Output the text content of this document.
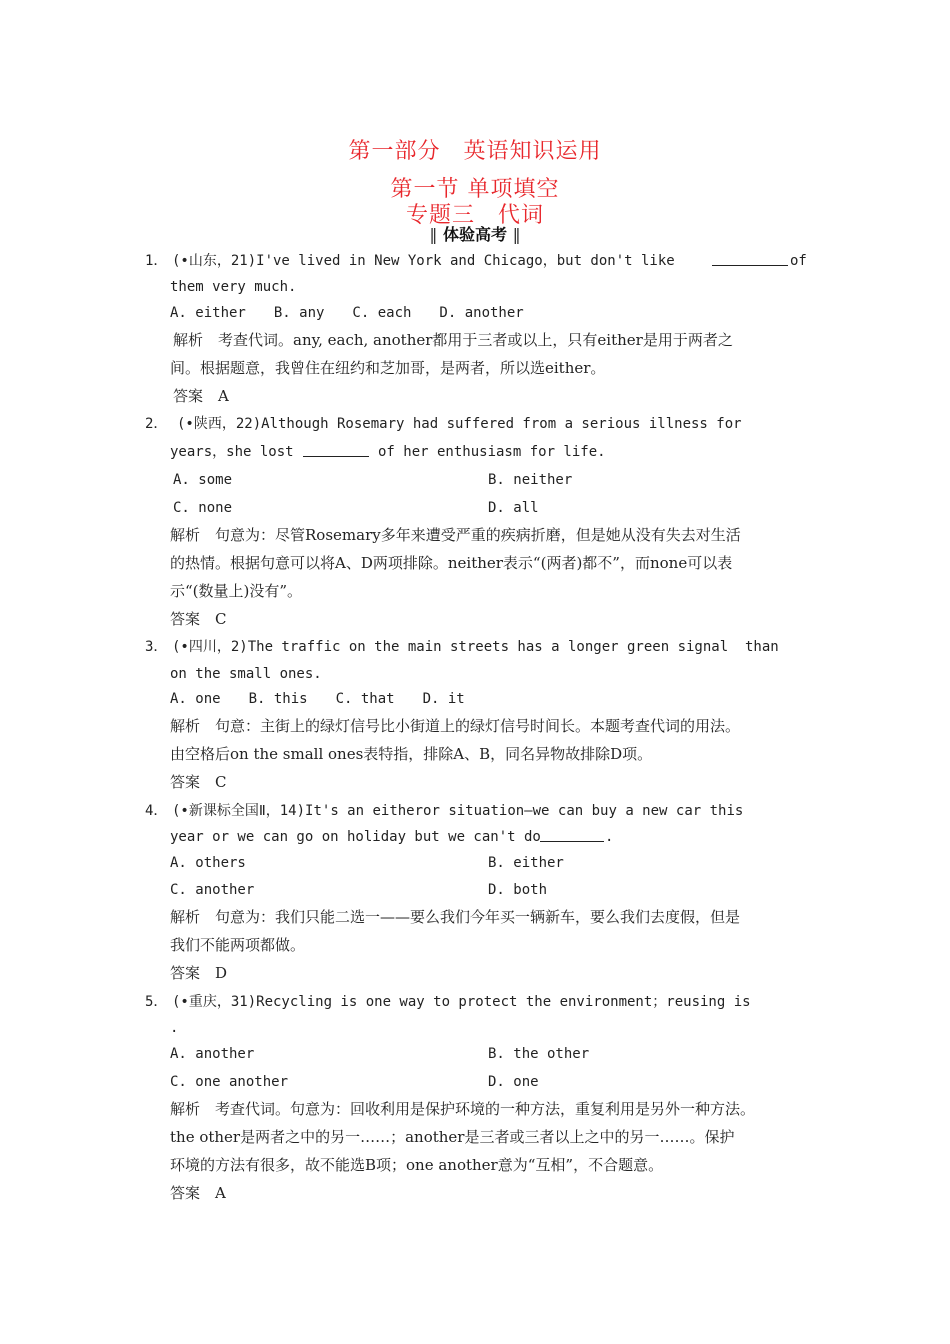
第一部分　英语知识运用
第一节 单项填空
专题三　代词
‖ 体验高考 ‖
1． (•山东，21)I've lived in New York and Chicago，but don't like	of
them very much.
A. either　　B. any　　C. each　　D. another
解析　考查代词。any, each, another都用于三者或以上，只有either是用于两者之
间。根据题意，我曾住在纽约和芝加哥，是两者，所以选either。
答案　A
2． (•陕西，22)Although Rosemary had suffered from a serious illness for
years，she lost	of her enthusiasm for life.
A. some	B. neither
C. none	D. all
解析　句意为：尽管Rosemary多年来遭受严重的疾病折磨，但是她从没有失去对生活
的热情。根据句意可以将A、D两项排除。neither表示“(两者)都不”，而none可以表
示“(数量上)没有”。
答案　C
3． (•四川，2)The traffic on the main streets has a longer green signal  than
on the small ones.
A. one　　B. this　　C. that　　D. it
解析　句意：主街上的绿灯信号比小街道上的绿灯信号时间长。本题考查代词的用法。
由空格后on the small ones表特指，排除A、B，同名异物故排除D项。
答案　C
4． (•新课标全国Ⅱ，14)It's an eitheror situation—we can buy a new car this
year or we can go on holiday but we can't do	.
A. others	B. either
C. another	D. both
解析　句意为：我们只能二选一——要么我们今年买一辆新车，要么我们去度假，但是
我们不能两项都做。
答案　D
5． (•重庆，31)Recycling is one way to protect the environment；reusing is
.
A. another	B. the other
C. one another	D. one
解析　考查代词。句意为：回收利用是保护环境的一种方法，重复利用是另外一种方法。
the other是两者之中的另一……；another是三者或三者以上之中的另一……。保护
环境的方法有很多，故不能选B项；one another意为“互相”，不合题意。
答案　A
